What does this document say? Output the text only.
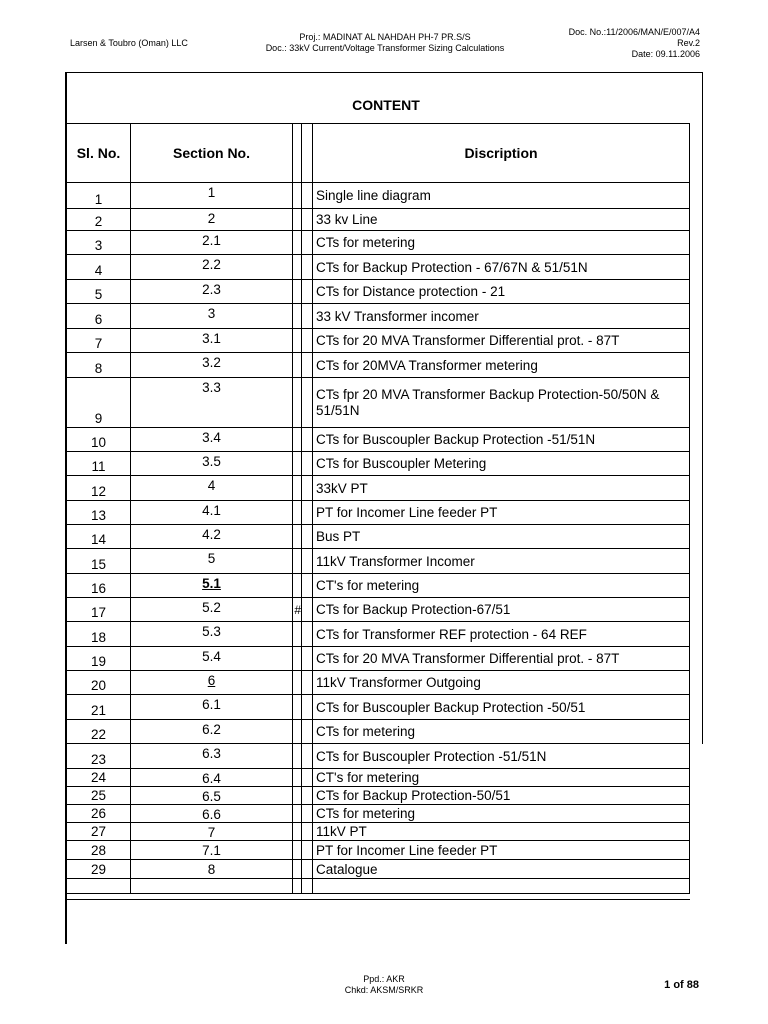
Larsen & Toubro (Oman) LLC
Proj.: MADINAT AL NAHDAH PH-7 PR.S/S
Doc.: 33kV Current/Voltage Transformer Sizing Calculations
Doc. No.:11/2006/MAN/E/007/A4
Rev.2
Date: 09.11.2006
CONTENT
Sl. No.	Section No.			Discription
1	1			Single line diagram
2	2			33 kv Line
3	2.1			CTs for metering
4	2.2			CTs for Backup Protection - 67/67N & 51/51N
5	2.3			CTs for Distance protection - 21
6	3			33 kV Transformer incomer
7	3.1			CTs for 20 MVA Transformer Differential prot. - 87T
8	3.2			CTs for 20MVA Transformer metering
9	3.3			CTs fpr 20 MVA Transformer Backup Protection-50/50N & 51/51N
10	3.4			CTs for Buscoupler Backup Protection -51/51N
11	3.5			CTs for Buscoupler Metering
12	4			33kV PT
13	4.1			PT for Incomer Line feeder PT
14	4.2			Bus PT
15	5			11kV Transformer Incomer
16	5.1			CT's for metering
17	5.2	#		CTs for Backup Protection-67/51
18	5.3			CTs for Transformer REF protection - 64 REF
19	5.4			CTs for 20 MVA Transformer Differential prot. - 87T
20	6			11kV Transformer Outgoing
21	6.1			CTs for Buscoupler Backup Protection -50/51
22	6.2			CTs for metering
23	6.3			CTs for Buscoupler Protection -51/51N
24	6.4			CT's for metering
25	6.5			CTs for Backup Protection-50/51
26	6.6			CTs for metering
27	7			11kV PT
28	7.1			PT for Incomer Line feeder PT
29	8			Catalogue

Ppd.: AKR
Chkd: AKSM/SRKR	1 of 88
